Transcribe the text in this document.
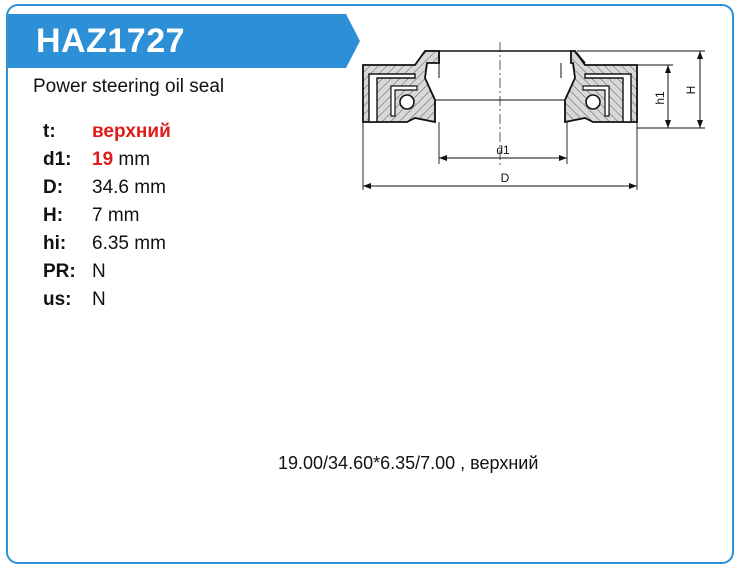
HAZ1727
Power steering oil seal
t:	верхний
d1:	19 mm
D:	34.6 mm
H:	7 mm
hi:	6.35 mm
PR: N
us:	N
d1
D
h1
H
19.00/34.60*6.35/7.00 , верхний
